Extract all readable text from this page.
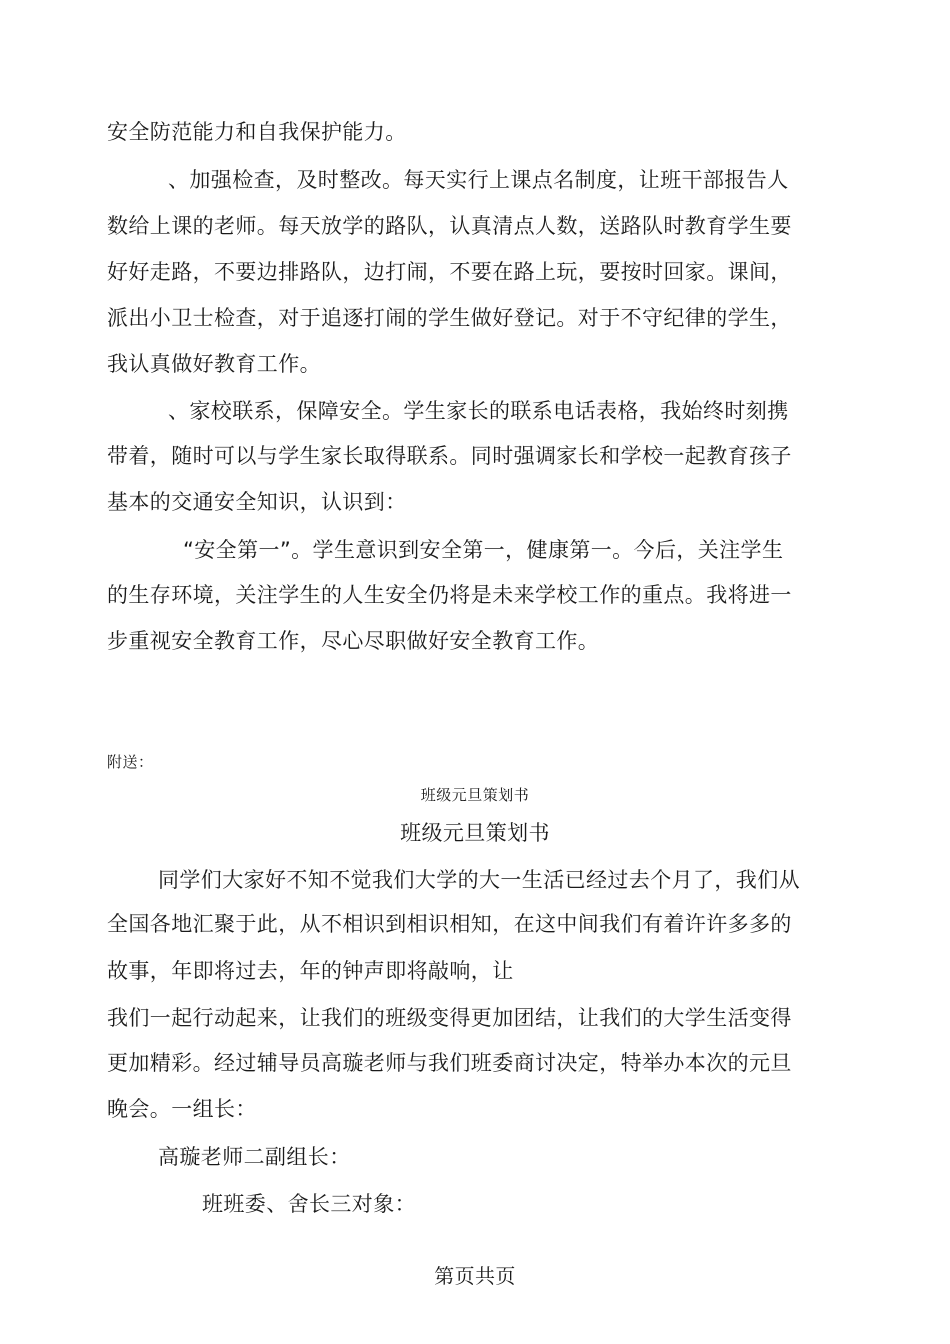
安全防范能力和自我保护能力。
、加强检查，及时整改。每天实行上课点名制度，让班干部报告人
数给上课的老师。每天放学的路队，认真清点人数，送路队时教育学生要
好好走路，不要边排路队，边打闹，不要在路上玩，要按时回家。课间，
派出小卫士检查，对于追逐打闹的学生做好登记。对于不守纪律的学生，
我认真做好教育工作。
、家校联系，保障安全。学生家长的联系电话表格，我始终时刻携
带着，随时可以与学生家长取得联系。同时强调家长和学校一起教育孩子
基本的交通安全知识，认识到：
“安全第一”。学生意识到安全第一，健康第一。今后，关注学生
的生存环境，关注学生的人生安全仍将是未来学校工作的重点。我将进一
步重视安全教育工作，尽心尽职做好安全教育工作。
附送：
班级元旦策划书
班级元旦策划书
同学们大家好不知不觉我们大学的大一生活已经过去个月了，我们从
全国各地汇聚于此，从不相识到相识相知，在这中间我们有着许许多多的
故事，年即将过去，年的钟声即将敲响，让
我们一起行动起来，让我们的班级变得更加团结，让我们的大学生活变得
更加精彩。经过辅导员高璇老师与我们班委商讨决定，特举办本次的元旦
晚会。一组长：
高璇老师二副组长：
班班委、舍长三对象：
第页共页
